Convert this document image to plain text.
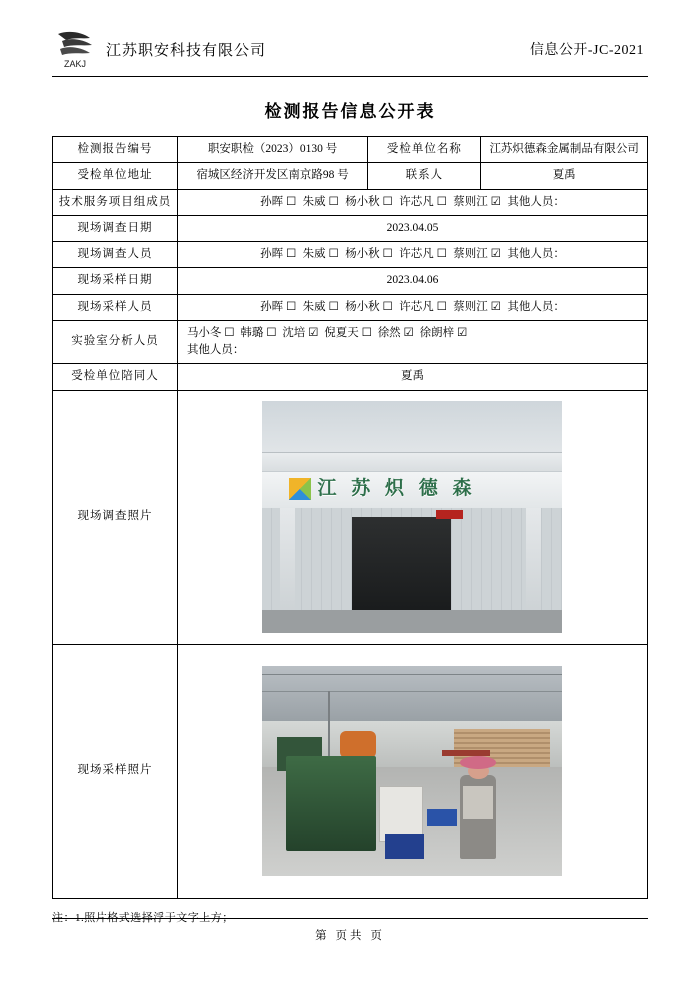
ZAKJ
江苏职安科技有限公司	信息公开-JC-2021
检测报告信息公开表
检测报告编号	职安职检（2023）0130 号	受检单位名称	江苏炽德森金属制品有限公司
受检单位地址	宿城区经济开发区南京路98 号	联系人	夏禹
技术服务项目组成员	孙晖 ☐ 朱威 ☐ 杨小秋 ☐ 许芯凡 ☐ 蔡则江 ☑ 其他人员：		
现场调查日期	2023.04.05		
现场调查人员	孙晖 ☐ 朱威 ☐ 杨小秋 ☐ 许芯凡 ☐ 蔡则江 ☑ 其他人员：		
现场采样日期	2023.04.06		
现场采样人员	孙晖 ☐ 朱威 ☐ 杨小秋 ☐ 许芯凡 ☐ 蔡则江 ☑ 其他人员：		
实验室分析人员	马小冬 ☐ 韩璐 ☐ 沈培 ☑ 倪夏天 ☐ 徐然 ☑ 徐朗梓 ☑
其他人员：		

受检单位陪同人	夏禹		
现场调查照片	江 苏 炽 德 森		

现场采样照片			
注：1.照片格式选择浮于文字上方；
第 页共 页
